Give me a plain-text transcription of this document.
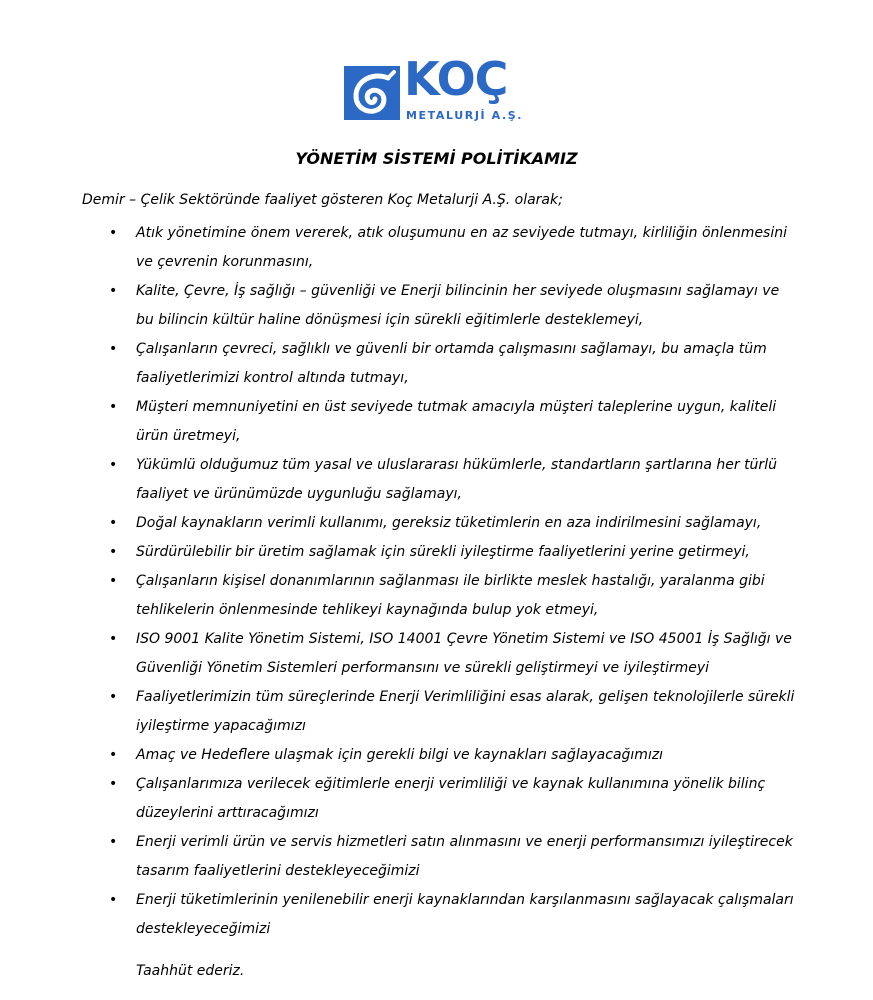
KOÇ
METALURJİ A.Ş.
YÖNETİM SİSTEMİ POLİTİKAMIZ
Demir – Çelik Sektöründe faaliyet gösteren Koç Metalurji A.Ş. olarak;
• Atık yönetimine önem vererek, atık oluşumunu en az seviyede tutmayı, kirliliğin önlenmesini ve çevrenin korunmasını,
• Kalite, Çevre, İş sağlığı – güvenliği ve Enerji bilincinin her seviyede oluşmasını sağlamayı ve bu bilincin kültür haline dönüşmesi için sürekli eğitimlerle desteklemeyi,
• Çalışanların çevreci, sağlıklı ve güvenli bir ortamda çalışmasını sağlamayı, bu amaçla tüm faaliyetlerimizi kontrol altında tutmayı,
• Müşteri memnuniyetini en üst seviyede tutmak amacıyla müşteri taleplerine uygun, kaliteli ürün üretmeyi,
• Yükümlü olduğumuz tüm yasal ve uluslararası hükümlerle, standartların şartlarına her türlü faaliyet ve ürünümüzde uygunluğu sağlamayı,
• Doğal kaynakların verimli kullanımı, gereksiz tüketimlerin en aza indirilmesini sağlamayı,
• Sürdürülebilir bir üretim sağlamak için sürekli iyileştirme faaliyetlerini yerine getirmeyi,
• Çalışanların kişisel donanımlarının sağlanması ile birlikte meslek hastalığı, yaralanma gibi tehlikelerin önlenmesinde tehlikeyi kaynağında bulup yok etmeyi,
• ISO 9001 Kalite Yönetim Sistemi, ISO 14001 Çevre Yönetim Sistemi ve ISO 45001 İş Sağlığı ve Güvenliği Yönetim Sistemleri performansını ve sürekli geliştirmeyi ve iyileştirmeyi
• Faaliyetlerimizin tüm süreçlerinde Enerji Verimliliğini esas alarak, gelişen teknolojilerle sürekli iyileştirme yapacağımızı
• Amaç ve Hedeflere ulaşmak için gerekli bilgi ve kaynakları sağlayacağımızı
• Çalışanlarımıza verilecek eğitimlerle enerji verimliliği ve kaynak kullanımına yönelik bilinç düzeylerini arttıracağımızı
• Enerji verimli ürün ve servis hizmetleri satın alınmasını ve enerji performansımızı iyileştirecek tasarım faaliyetlerini destekleyeceğimizi
• Enerji tüketimlerinin yenilenebilir enerji kaynaklarından karşılanmasını sağlayacak çalışmaları destekleyeceğimizi
Taahhüt ederiz.
